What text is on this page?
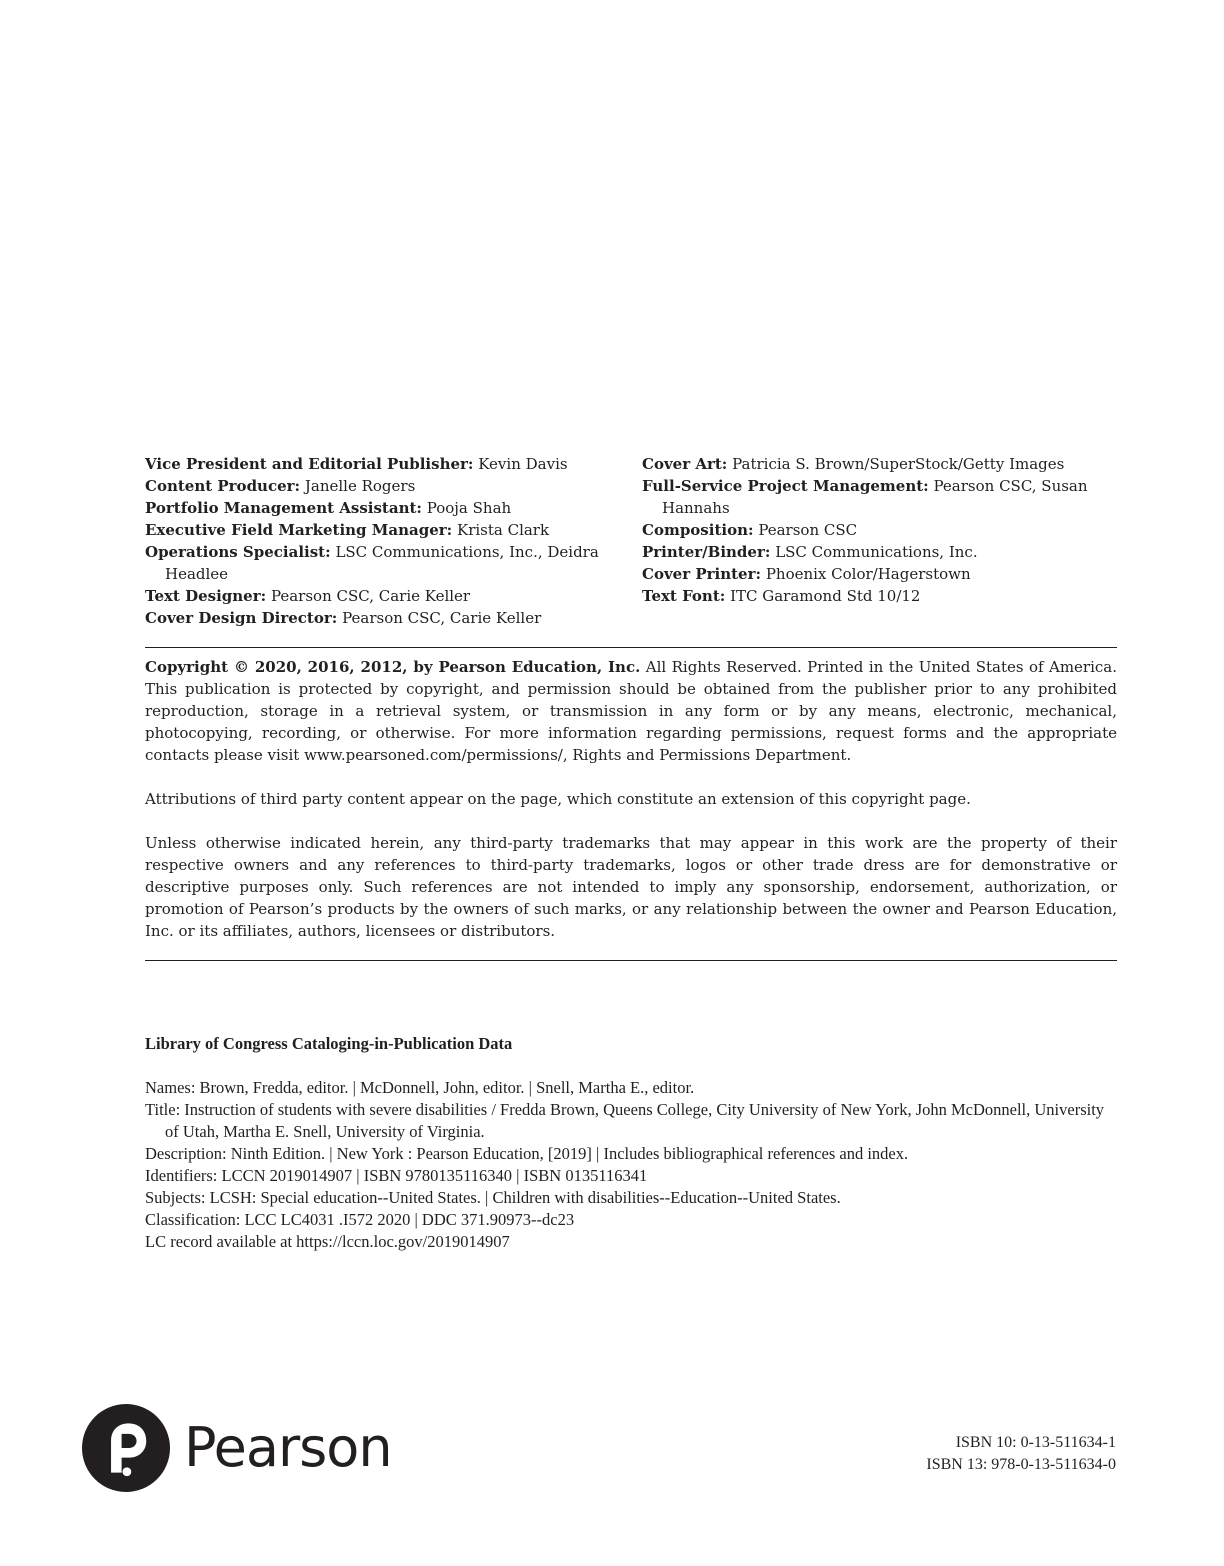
Vice President and Editorial Publisher: Kevin Davis

Content Producer: Janelle Rogers

Portfolio Management Assistant: Pooja Shah

Executive Field Marketing Manager: Krista Clark

Operations Specialist: LSC Communications, Inc., Deidra Headlee

Text Designer: Pearson CSC, Carie Keller

Cover Design Director: Pearson CSC, Carie Keller

Cover Art: Patricia S. Brown/SuperStock/Getty Images

Full-Service Project Management: Pearson CSC, Susan Hannahs

Composition: Pearson CSC

Printer/Binder: LSC Communications, Inc.

Cover Printer: Phoenix Color/Hagerstown

Text Font: ITC Garamond Std 10/12

Copyright © 2020, 2016, 2012, by Pearson Education, Inc. All Rights Reserved. Printed in the United States of America. This publication is protected by copyright, and permission should be obtained from the publisher prior to any prohibited reproduction, storage in a retrieval system, or transmission in any form or by any means, electronic, mechanical, photocopying, recording, or otherwise. For more information regarding permissions, request forms and the appropriate contacts please visit www.pearsoned.com/permissions/, Rights and Permissions Department.

Attributions of third party content appear on the page, which constitute an extension of this copyright page.

Unless otherwise indicated herein, any third-party trademarks that may appear in this work are the property of their respective owners and any references to third-party trademarks, logos or other trade dress are for demonstrative or descriptive purposes only. Such references are not intended to imply any sponsorship, endorsement, authorization, or promotion of Pearson’s products by the owners of such marks, or any relationship between the owner and Pearson Education, Inc. or its affiliates, authors, licensees or distributors.

Library of Congress Cataloging-in-Publication Data

Names: Brown, Fredda, editor. | McDonnell, John, editor. | Snell, Martha E., editor.

Title: Instruction of students with severe disabilities / Fredda Brown, Queens College, City University of New York, John McDonnell, University of Utah, Martha E. Snell, University of Virginia.

Description: Ninth Edition. | New York : Pearson Education, [2019] | Includes bibliographical references and index.

Identifiers: LCCN 2019014907 | ISBN 9780135116340 | ISBN 0135116341

Subjects: LCSH: Special education--United States. | Children with disabilities--Education--United States.

Classification: LCC LC4031 .I572 2020 | DDC 371.90973--dc23

LC record available at https://lccn.loc.gov/2019014907

Pearson	ISBN 10: 0-13-511634-1
ISBN 13: 978-0-13-511634-0
